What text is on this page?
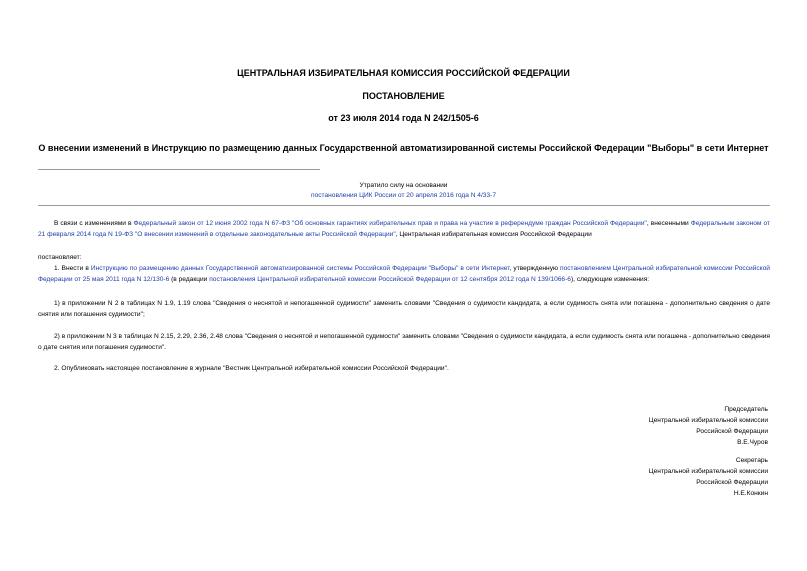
ЦЕНТРАЛЬНАЯ ИЗБИРАТЕЛЬНАЯ КОМИССИЯ РОССИЙСКОЙ ФЕДЕРАЦИИ
ПОСТАНОВЛЕНИЕ
от 23 июля 2014 года N 242/1505-6
О внесении изменений в Инструкцию по размещению данных Государственной автоматизированной системы Российской Федерации "Выборы" в сети Интернет
Утратило силу на основании
постановления ЦИК России от 20 апреля 2016 года N 4/33-7
В связи с изменениями в Федеральный закон от 12 июня 2002 года N 67-ФЗ "Об основных гарантиях избирательных прав и права на участие в референдуме граждан Российской Федерации", внесенными Федеральным законом от 21 февраля 2014 года N 19-ФЗ "О внесении изменений в отдельные законодательные акты Российской Федерации", Центральная избирательная комиссия Российской Федерации
постановляет:
1. Внести в Инструкцию по размещению данных Государственной автоматизированной системы Российской Федерации "Выборы" в сети Интернет, утвержденную постановлением Центральной избирательной комиссии Российской Федерации от 25 мая 2011 года N 12/130-6 (в редакции постановления Центральной избирательной комиссии Российской Федерации от 12 сентября 2012 года N 139/1066-6), следующие изменения:
1) в приложении N 2 в таблицах N 1.9, 1.19 слова "Сведения о неснятой и непогашенной судимости" заменить словами "Сведения о судимости кандидата, а если судимость снята или погашена - дополнительно сведения о дате снятия или погашения судимости";
2) в приложении N 3 в таблицах N 2.15, 2.29, 2.36, 2.48 слова "Сведения о неснятой и непогашенной судимости" заменить словами "Сведения о судимости кандидата, а если судимость снята или погашена - дополнительно сведения о дате снятия или погашения судимости".
2. Опубликовать настоящее постановление в журнале "Вестник Центральной избирательной комиссии Российской Федерации".
Председатель
Центральной избирательной комиссии
Российской Федерации
В.Е.Чуров
Секретарь
Центральной избирательной комиссии
Российской Федерации
Н.Е.Конкин
